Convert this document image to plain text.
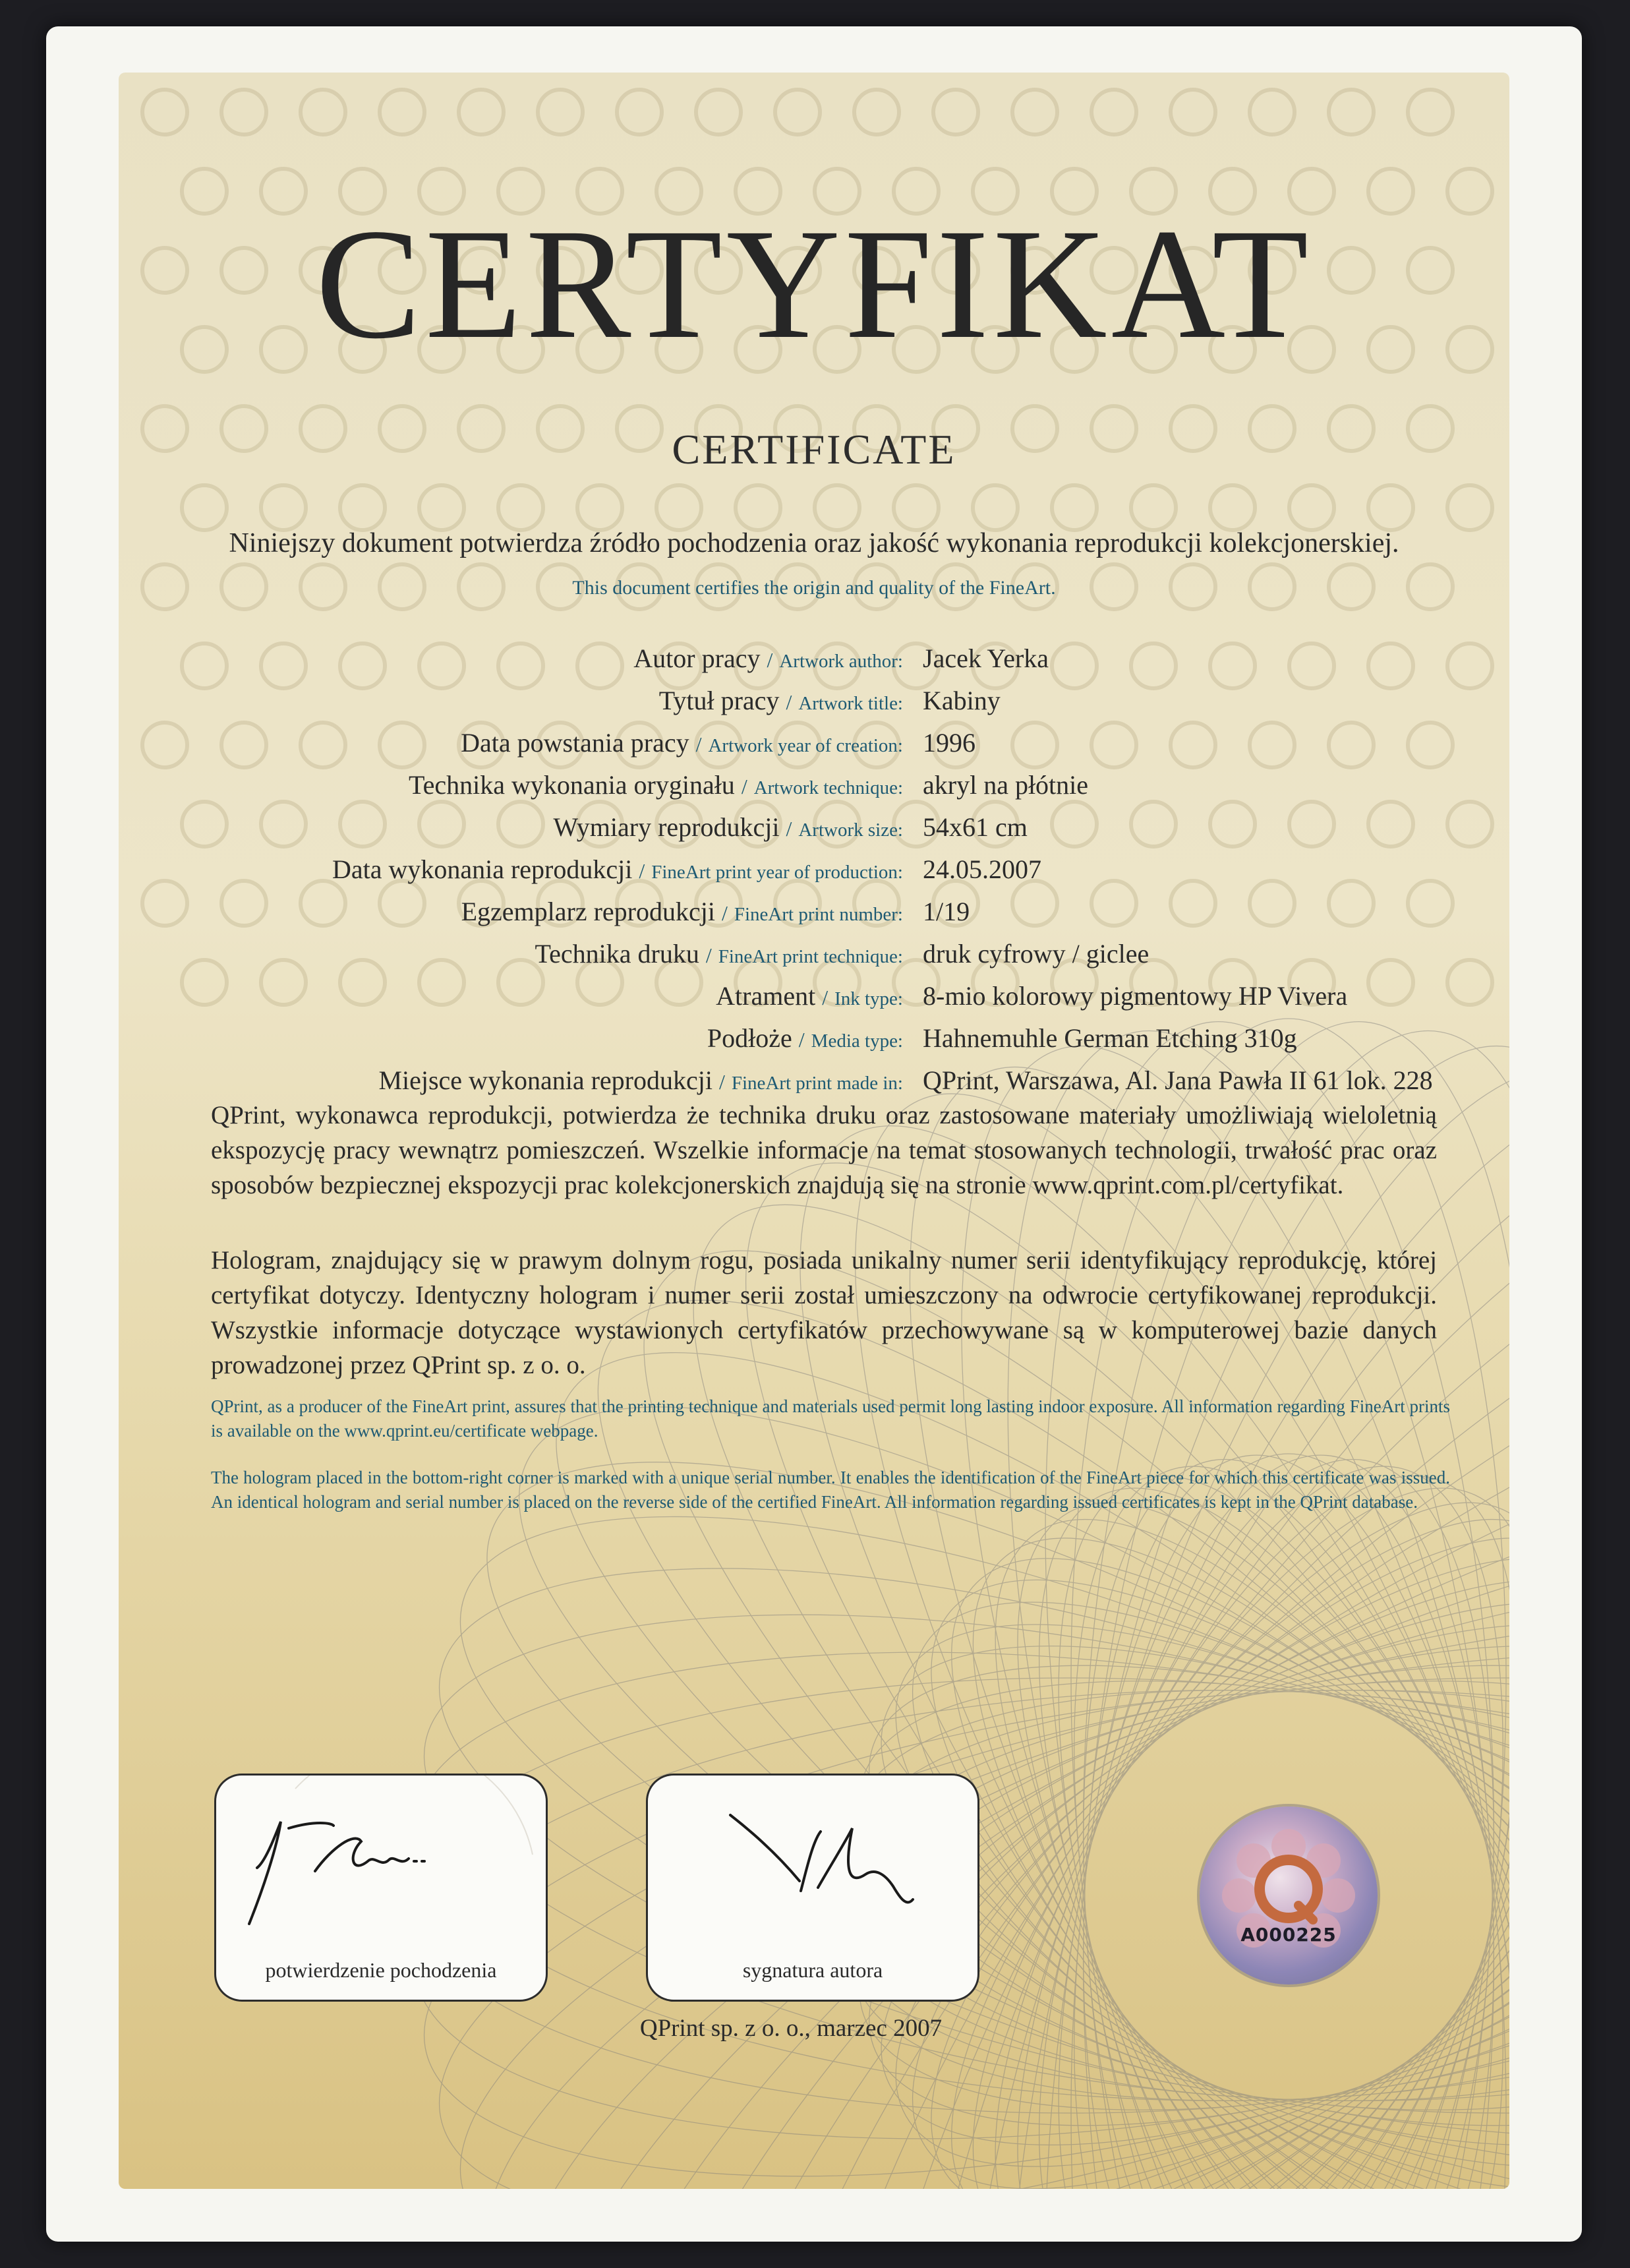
CERTYFIKAT
CERTIFICATE
Niniejszy dokument potwierdza źródło pochodzenia oraz jakość wykonania reprodukcji kolekcjonerskiej.
This document certifies the origin and quality of the FineArt.
Autor pracy / Artwork author: Jacek Yerka
Tytuł pracy / Artwork title: Kabiny
Data powstania pracy / Artwork year of creation: 1996
Technika wykonania oryginału / Artwork technique: akryl na płótnie
Wymiary reprodukcji / Artwork size: 54x61 cm
Data wykonania reprodukcji / FineArt print year of production: 24.05.2007
Egzemplarz reprodukcji / FineArt print number: 1/19
Technika druku / FineArt print technique: druk cyfrowy / giclee
Atrament / Ink type: 8-mio kolorowy pigmentowy HP Vivera
Podłoże / Media type: Hahnemuhle German Etching 310g
Miejsce wykonania reprodukcji / FineArt print made in: QPrint, Warszawa, Al. Jana Pawła II 61 lok. 228
QPrint, wykonawca reprodukcji, potwierdza że technika druku oraz zastosowane materiały umożliwiają wieloletnią ekspozycję pracy wewnątrz pomieszczeń. Wszelkie informacje na temat stosowanych technologii, trwałość prac oraz sposobów bezpiecznej ekspozycji prac kolekcjonerskich znajdują się na stronie www.qprint.com.pl/certyfikat.
Hologram, znajdujący się w prawym dolnym rogu, posiada unikalny numer serii identyfikujący reprodukcję, której certyfikat dotyczy. Identyczny hologram i numer serii został umieszczony na odwrocie certyfikowanej reprodukcji. Wszystkie informacje dotyczące wystawionych certyfikatów przechowywane są w komputerowej bazie danych prowadzonej przez QPrint sp. z o. o.
QPrint, as a producer of the FineArt print, assures that the printing technique and materials used permit long lasting indoor exposure. All information regarding FineArt prints is available on the www.qprint.eu/certificate webpage.
The hologram placed in the bottom-right corner is marked with a unique serial number. It enables the identification of the FineArt piece for which this certificate was issued. An identical hologram and serial number is placed on the reverse side of the certified FineArt. All information regarding issued certificates is kept in the QPrint database.
potwierdzenie pochodzenia	sygnatura autora
QPrint sp. z o. o., marzec 2007
A000225
